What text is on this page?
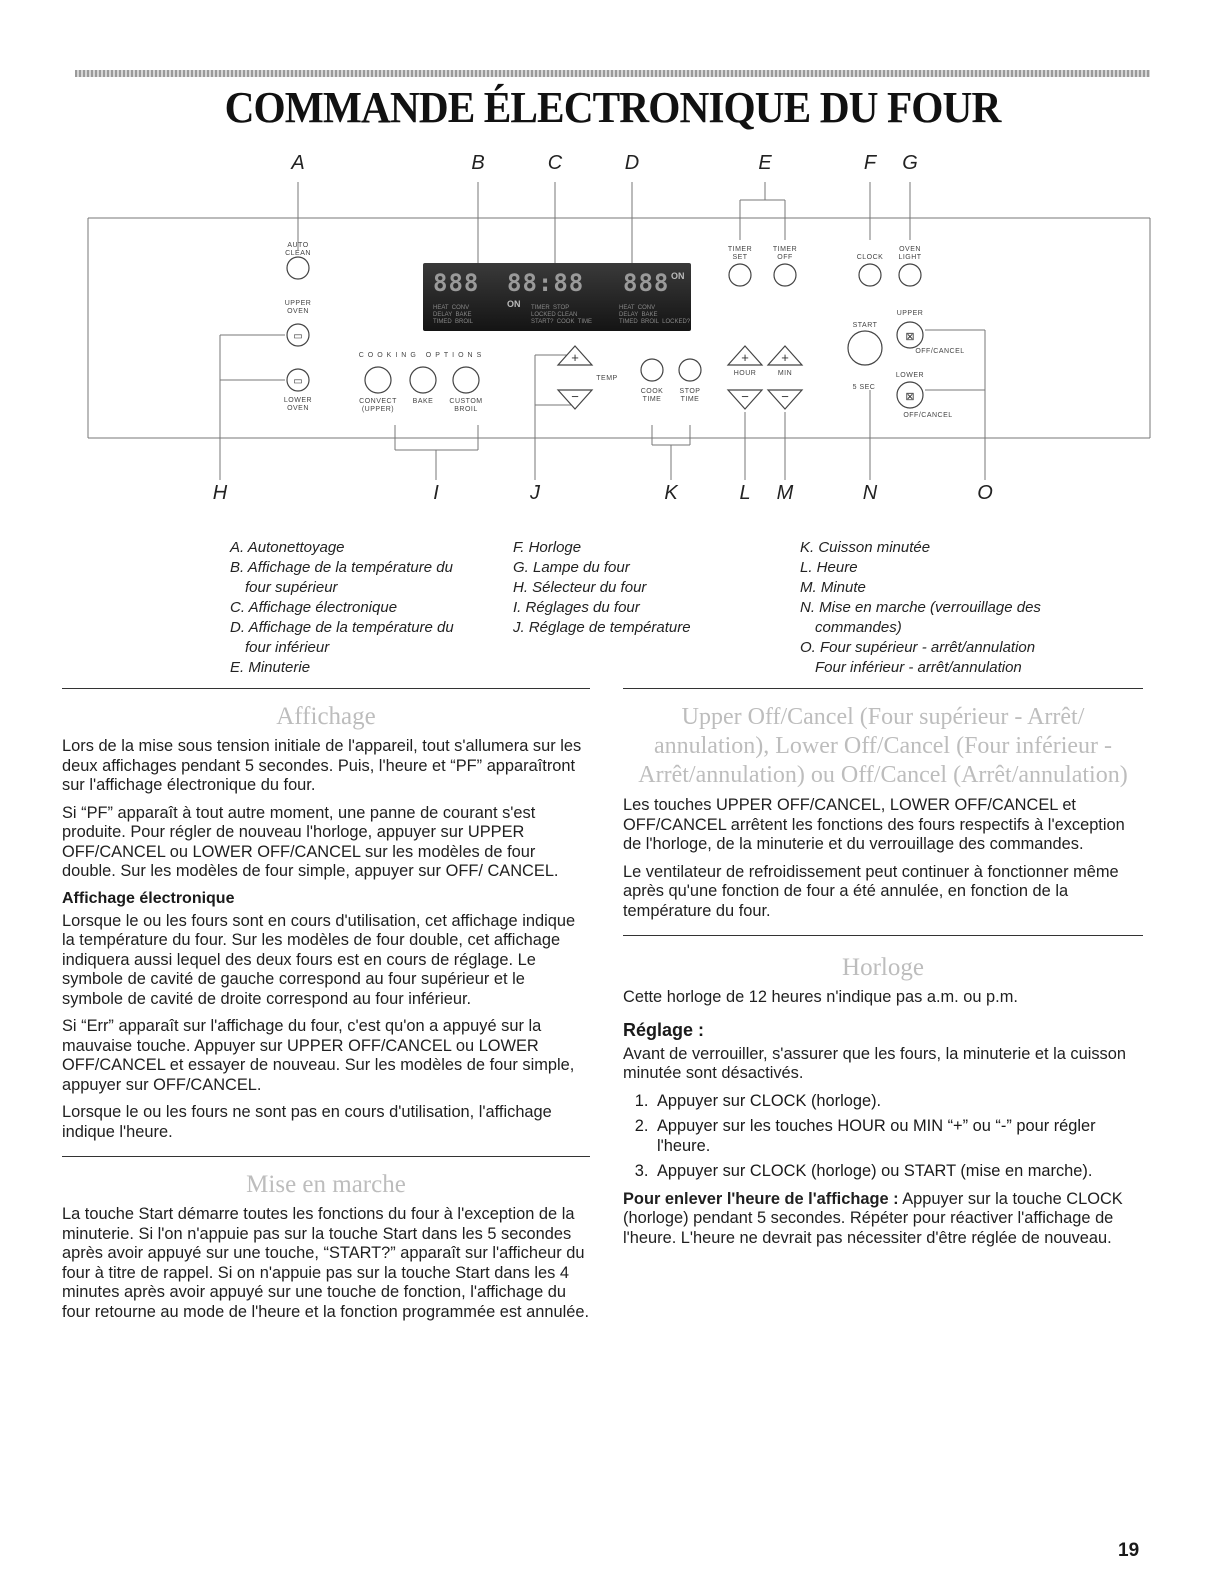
COMMANDE ÉLECTRONIQUE DU FOUR
+
−
+ +
− −
⊠
⊠
▭
▭
A	B	C	D	E	F G
H	I	J	K	L M	N	O
AUTO
CLEAN
UPPER
OVEN
LOWER
OVEN
COOKING OPTIONS
CONVECT
(UPPER)
BAKE CUSTOM
BROIL
TEMP
COOK
TIME
STOP
TIME
TIMER
SET
TIMER
OFF
HOUR	MIN
CLOCK
OVEN
LIGHT
START
UPPER
OFF/CANCEL
LOWER
OFF/CANCEL
5 SEC
888 88:88 888
HEAT  CONV
DELAY  BAKE
TIMED  BROIL
TIMER  STOP
LOCKED CLEAN
START?  COOK  TIME
HEAT  CONV
DELAY  BAKE
TIMED  BROIL  LOCKED?
ON
ON
A. Autonettoyage
B. Affichage de la température du four supérieur
C. Affichage électronique
D. Affichage de la température du four inférieur
E. Minuterie
F. Horloge
G. Lampe du four
H. Sélecteur du four
I. Réglages du four
J. Réglage de température
K. Cuisson minutée
L. Heure
M. Minute
N. Mise en marche (verrouillage des commandes)
O. Four supérieur - arrêt/annulation Four inférieur - arrêt/annulation
Affichage

Lors de la mise sous tension initiale de l'appareil, tout s'allumera sur les deux affichages pendant 5 secondes. Puis, l'heure et “PF” apparaîtront sur l'affichage électronique du four.

Si “PF” apparaît à tout autre moment, une panne de courant s'est produite. Pour régler de nouveau l'horloge, appuyer sur UPPER OFF/CANCEL ou LOWER OFF/CANCEL sur les modèles de four double. Sur les modèles de four simple, appuyer sur OFF/ CANCEL.

Affichage électronique

Lorsque le ou les fours sont en cours d'utilisation, cet affichage indique la température du four. Sur les modèles de four double, cet affichage indiquera aussi lequel des deux fours est en cours de réglage. Le symbole de cavité de gauche correspond au four supérieur et le symbole de cavité de droite correspond au four inférieur.

Si “Err” apparaît sur l'affichage du four, c'est qu'on a appuyé sur la mauvaise touche. Appuyer sur UPPER OFF/CANCEL ou LOWER OFF/CANCEL et essayer de nouveau. Sur les modèles de four simple, appuyer sur OFF/CANCEL.

Lorsque le ou les fours ne sont pas en cours d'utilisation, l'affichage indique l'heure.

Mise en marche

La touche Start démarre toutes les fonctions du four à l'exception de la minuterie. Si l'on n'appuie pas sur la touche Start dans les 5 secondes après avoir appuyé sur une touche, “START?” apparaît sur l'afficheur du four à titre de rappel. Si on n'appuie pas sur la touche Start dans les 4 minutes après avoir appuyé sur une touche de fonction, l'affichage du four retourne au mode de l'heure et la fonction programmée est annulée.

Upper Off/Cancel (Four supérieur - Arrêt/ annulation), Lower Off/Cancel (Four inférieur - Arrêt/annulation) ou Off/Cancel (Arrêt/annulation)

Les touches UPPER OFF/CANCEL, LOWER OFF/CANCEL et OFF/CANCEL arrêtent les fonctions des fours respectifs à l'exception de l'horloge, de la minuterie et du verrouillage des commandes.

Le ventilateur de refroidissement peut continuer à fonctionner même après qu'une fonction de four a été annulée, en fonction de la température du four.

Horloge

Cette horloge de 12 heures n'indique pas a.m. ou p.m.

Réglage :

Avant de verrouiller, s'assurer que les fours, la minuterie et la cuisson minutée sont désactivés.

1. Appuyer sur CLOCK (horloge).
2. Appuyer sur les touches HOUR ou MIN “+” ou “-” pour régler l'heure.
3. Appuyer sur CLOCK (horloge) ou START (mise en marche).

Pour enlever l'heure de l'affichage : Appuyer sur la touche CLOCK (horloge) pendant 5 secondes. Répéter pour réactiver l'affichage de l'heure. L'heure ne devrait pas nécessiter d'être réglée de nouveau.

19
